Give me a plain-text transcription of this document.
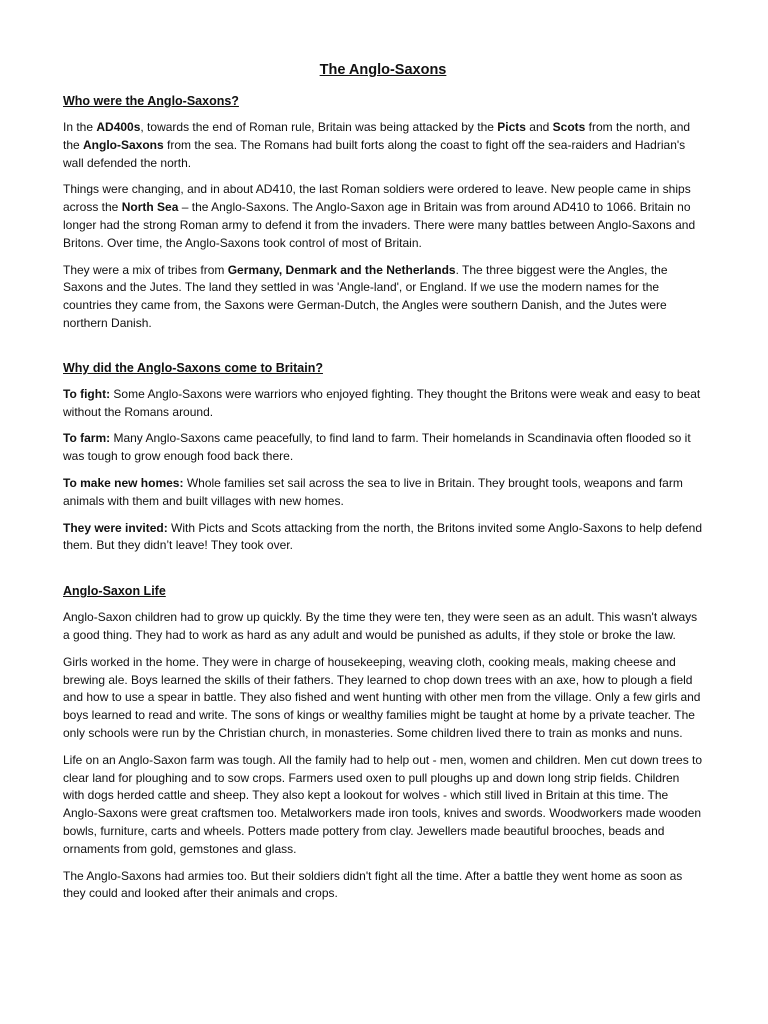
The Anglo-Saxons
Who were the Anglo-Saxons?

In the AD400s, towards the end of Roman rule, Britain was being attacked by the Picts and Scots from the north, and the Anglo-Saxons from the sea. The Romans had built forts along the coast to fight off the sea-raiders and Hadrian's wall defended the north.

Things were changing, and in about AD410, the last Roman soldiers were ordered to leave. New people came in ships across the North Sea – the Anglo-Saxons. The Anglo-Saxon age in Britain was from around AD410 to 1066. Britain no longer had the strong Roman army to defend it from the invaders. There were many battles between Anglo-Saxons and Britons. Over time, the Anglo-Saxons took control of most of Britain.

They were a mix of tribes from Germany, Denmark and the Netherlands. The three biggest were the Angles, the Saxons and the Jutes. The land they settled in was 'Angle-land', or England. If we use the modern names for the countries they came from, the Saxons were German-Dutch, the Angles were southern Danish, and the Jutes were northern Danish.

Why did the Anglo-Saxons come to Britain?

To fight: Some Anglo-Saxons were warriors who enjoyed fighting. They thought the Britons were weak and easy to beat without the Romans around.

To farm: Many Anglo-Saxons came peacefully, to find land to farm. Their homelands in Scandinavia often flooded so it was tough to grow enough food back there.

To make new homes: Whole families set sail across the sea to live in Britain. They brought tools, weapons and farm animals with them and built villages with new homes.

They were invited: With Picts and Scots attacking from the north, the Britons invited some Anglo-Saxons to help defend them. But they didn’t leave! They took over.

Anglo-Saxon Life

Anglo-Saxon children had to grow up quickly. By the time they were ten, they were seen as an adult. This wasn't always a good thing. They had to work as hard as any adult and would be punished as adults, if they stole or broke the law.

Girls worked in the home. They were in charge of housekeeping, weaving cloth, cooking meals, making cheese and brewing ale. Boys learned the skills of their fathers. They learned to chop down trees with an axe, how to plough a field and how to use a spear in battle. They also fished and went hunting with other men from the village. Only a few girls and boys learned to read and write. The sons of kings or wealthy families might be taught at home by a private teacher. The only schools were run by the Christian church, in monasteries. Some children lived there to train as monks and nuns.

Life on an Anglo-Saxon farm was tough. All the family had to help out - men, women and children. Men cut down trees to clear land for ploughing and to sow crops. Farmers used oxen to pull ploughs up and down long strip fields. Children with dogs herded cattle and sheep. They also kept a lookout for wolves - which still lived in Britain at this time. The Anglo-Saxons were great craftsmen too. Metalworkers made iron tools, knives and swords. Woodworkers made wooden bowls, furniture, carts and wheels. Potters made pottery from clay. Jewellers made beautiful brooches, beads and ornaments from gold, gemstones and glass.

The Anglo-Saxons had armies too. But their soldiers didn't fight all the time. After a battle they went home as soon as they could and looked after their animals and crops.
